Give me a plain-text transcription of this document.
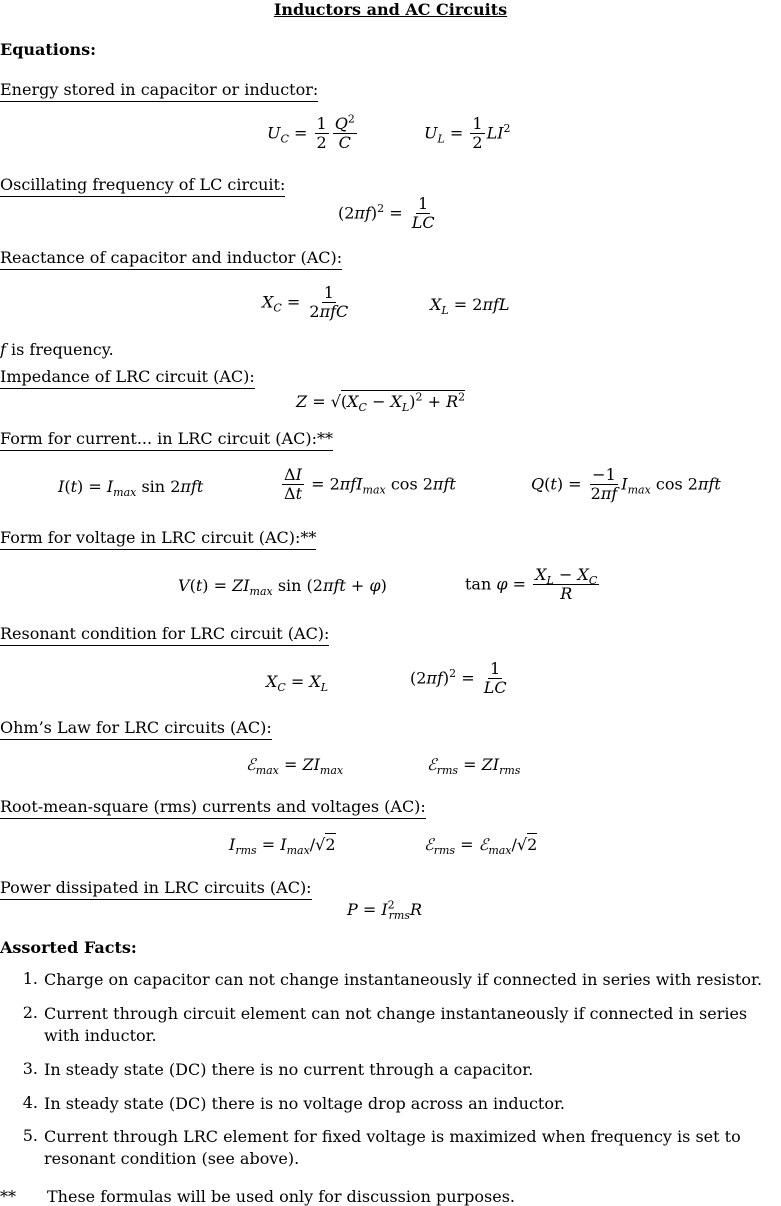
Inductors and AC Circuits
Equations:
Energy stored in capacitor or inductor:
$U_C = \frac{1}{2} \frac{Q^2}{C}$	$U_L = \frac{1}{2} LI^2$
Oscillating frequency of LC circuit:
$(2\pi f)^2 = \frac{1}{LC}$
Reactance of capacitor and inductor (AC):
$X_C = \frac{1}{\text{2πfC}}$	$X_L = 2\pi fL$
f is frequency.
Impedance of LRC circuit (AC):
$Z = √(X_C - X_L)^2 + R^2$
Form for current... in LRC circuit (AC):**
$I(t) = I_{max}$ sin 2πft	$\frac{\Delta I}{\Delta t} = 2\pi fI_{max}$ cos 2πft	$Q(t) = \frac{-1}{2\pi f} I_{max}$ cos 2πft
Form for voltage in LRC circuit (AC):**
$V(t) = ZI_{max}$ sin (2πft + φ)	$\tan \varphi = \frac{X_L - X_C}{R}$
Resonant condition for LRC circuit (AC):
$X_C = X_L$
$(2\pi f)^2 = \frac{1}{LC}$
Ohm’s Law for LRC circuits (AC):
ℰ$_{max}$ = $ZI_{max}$	ℰ$_{rms}$ = $ZI_{rms}$
Root-mean-square (rms) currents and voltages (AC):
$I_{rms} = I_{max}/√2$	ℰ$_{rms}$ = ℰ$_{max}$/√2
Power dissipated in LRC circuits (AC):
$P = I^2_{rms}R$
Assorted Facts:
1. Charge on capacitor can not change instantaneously if connected in series with resistor.
2. Current through circuit element can not change instantaneously if connected in series with inductor.
3. In steady state (DC) there is no current through a capacitor.
4. In steady state (DC) there is no voltage drop across an inductor.
5. Current through LRC element for fixed voltage is maximized when frequency is set to resonant condition (see above).
** These formulas will be used only for discussion purposes.
